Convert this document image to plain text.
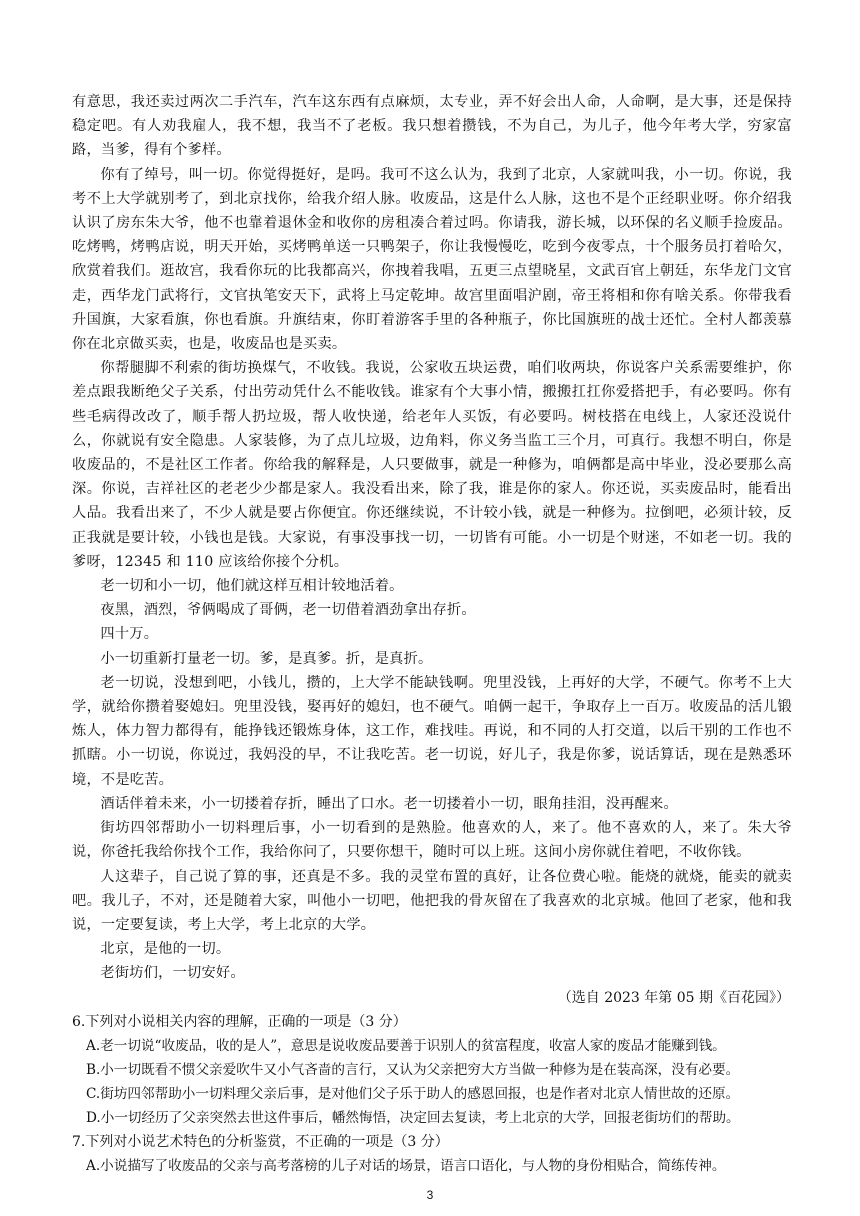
有意思，我还卖过两次二手汽车，汽车这东西有点麻烦，太专业，弄不好会出人命，人命啊，是大事，还是保持稳定吧。有人劝我雇人，我不想，我当不了老板。我只想着攒钱，不为自己，为儿子，他今年考大学，穷家富路，当爹，得有个爹样。

你有了绰号，叫一切。你觉得挺好，是吗。我可不这么认为，我到了北京，人家就叫我，小一切。你说，我考不上大学就别考了，到北京找你，给我介绍人脉。收废品，这是什么人脉，这也不是个正经职业呀。你介绍我认识了房东朱大爷，他不也靠着退休金和收你的房租凑合着过吗。你请我，游长城，以环保的名义顺手捡废品。吃烤鸭，烤鸭店说，明天开始，买烤鸭单送一只鸭架子，你让我慢慢吃，吃到今夜零点，十个服务员打着哈欠，欣赏着我们。逛故宫，我看你玩的比我都高兴，你拽着我唱，五更三点望晓星，文武百官上朝廷，东华龙门文官走，西华龙门武将行，文官执笔安天下，武将上马定乾坤。故宫里面唱沪剧，帝王将相和你有啥关系。你带我看升国旗，大家看旗，你也看旗。升旗结束，你盯着游客手里的各种瓶子，你比国旗班的战士还忙。全村人都羡慕你在北京做买卖，也是，收废品也是买卖。

你帮腿脚不利索的街坊换煤气，不收钱。我说，公家收五块运费，咱们收两块，你说客户关系需要维护，你差点跟我断绝父子关系，付出劳动凭什么不能收钱。谁家有个大事小情，搬搬扛扛你爱搭把手，有必要吗。你有些毛病得改改了，顺手帮人扔垃圾，帮人收快递，给老年人买饭，有必要吗。树枝搭在电线上，人家还没说什么，你就说有安全隐患。人家装修，为了点儿垃圾，边角料，你义务当监工三个月，可真行。我想不明白，你是收废品的，不是社区工作者。你给我的解释是，人只要做事，就是一种修为，咱俩都是高中毕业，没必要那么高深。你说，吉祥社区的老老少少都是家人。我没看出来，除了我，谁是你的家人。你还说，买卖废品时，能看出人品。我看出来了，不少人就是要占你便宜。你还继续说，不计较小钱，就是一种修为。拉倒吧，必须计较，反正我就是要计较，小钱也是钱。大家说，有事没事找一切，一切皆有可能。小一切是个财迷，不如老一切。我的爹呀，12345 和 110 应该给你接个分机。

老一切和小一切，他们就这样互相计较地活着。

夜黑，酒烈，爷俩喝成了哥俩，老一切借着酒劲拿出存折。

四十万。

小一切重新打量老一切。爹，是真爹。折，是真折。

老一切说，没想到吧，小钱儿，攒的，上大学不能缺钱啊。兜里没钱，上再好的大学，不硬气。你考不上大学，就给你攒着娶媳妇。兜里没钱，娶再好的媳妇，也不硬气。咱俩一起干，争取存上一百万。收废品的活儿锻炼人，体力智力都得有，能挣钱还锻炼身体，这工作，难找哇。再说，和不同的人打交道，以后干别的工作也不抓瞎。小一切说，你说过，我妈没的早，不让我吃苦。老一切说，好儿子，我是你爹，说话算话，现在是熟悉环境，不是吃苦。

酒话伴着未来，小一切搂着存折，睡出了口水。老一切搂着小一切，眼角挂泪，没再醒来。

街坊四邻帮助小一切料理后事，小一切看到的是熟脸。他喜欢的人，来了。他不喜欢的人，来了。朱大爷说，你爸托我给你找个工作，我给你问了，只要你想干，随时可以上班。这间小房你就住着吧，不收你钱。

人这辈子，自己说了算的事，还真是不多。我的灵堂布置的真好，让各位费心啦。能烧的就烧，能卖的就卖吧。我儿子，不对，还是随着大家，叫他小一切吧，他把我的骨灰留在了我喜欢的北京城。他回了老家，他和我说，一定要复读，考上大学，考上北京的大学。

北京，是他的一切。

老街坊们，一切安好。

（选自 2023 年第 05 期《百花园》）

6.下列对小说相关内容的理解，正确的一项是（3 分）

A.老一切说“收废品，收的是人”，意思是说收废品要善于识别人的贫富程度，收富人家的废品才能赚到钱。

B.小一切既看不惯父亲爱吹牛又小气吝啬的言行，又认为父亲把穷大方当做一种修为是在装高深，没有必要。

C.街坊四邻帮助小一切料理父亲后事，是对他们父子乐于助人的感恩回报，也是作者对北京人情世故的还原。

D.小一切经历了父亲突然去世这件事后，幡然悔悟，决定回去复读，考上北京的大学，回报老街坊们的帮助。

7.下列对小说艺术特色的分析鉴赏，不正确的一项是（3 分）

A.小说描写了收废品的父亲与高考落榜的儿子对话的场景，语言口语化，与人物的身份相贴合，简练传神。

3
